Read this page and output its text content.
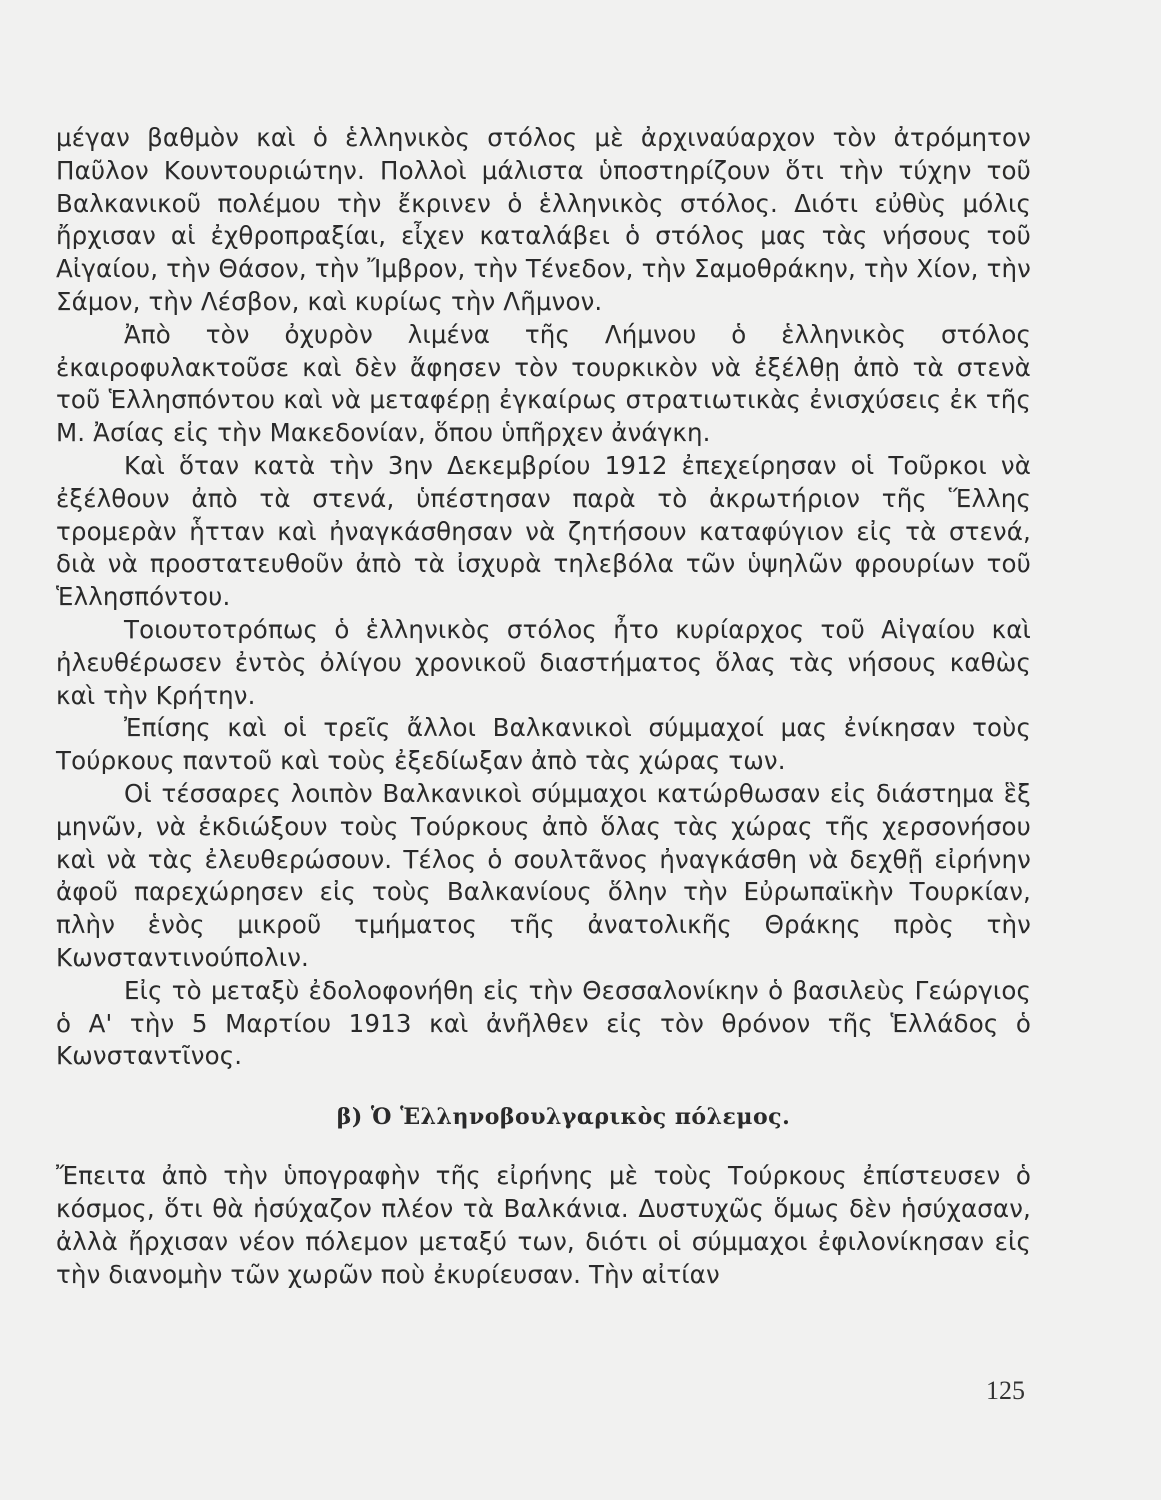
μέγαν βαθμὸν καὶ ὁ ἑλληνικὸς στόλος μὲ ἀρχιναύαρχον τὸν ἀτρόμητον Παῦλον Κουντουριώτην. Πολλοὶ μάλιστα ὑποστηρίζουν ὅτι τὴν τύχην τοῦ Βαλκανικοῦ πολέμου τὴν ἔκρινεν ὁ ἑλληνικὸς στόλος. Διότι εὐθὺς μόλις ἤρχισαν αἱ ἐχθροπραξίαι, εἶχεν καταλάβει ὁ στόλος μας τὰς νήσους τοῦ Αἰγαίου, τὴν Θάσον, τὴν Ἴμβρον, τὴν Τένεδον, τὴν Σαμοθράκην, τὴν Χίον, τὴν Σάμον, τὴν Λέσβον, καὶ κυρίως τὴν Λῆμνον.

Ἀπὸ τὸν ὀχυρὸν λιμένα τῆς Λήμνου ὁ ἑλληνικὸς στόλος ἐκαιροφυλακτοῦσε καὶ δὲν ἄφησεν τὸν τουρκικὸν νὰ ἐξέλθῃ ἀπὸ τὰ στενὰ τοῦ Ἑλλησπόντου καὶ νὰ μεταφέρῃ ἐγκαίρως στρατιωτικὰς ἐνισχύσεις ἐκ τῆς Μ. Ἀσίας εἰς τὴν Μακεδονίαν, ὅπου ὑπῆρχεν ἀνάγκη.

Καὶ ὅταν κατὰ τὴν 3ην Δεκεμβρίου 1912 ἐπεχείρησαν οἱ Τοῦρκοι νὰ ἐξέλθουν ἀπὸ τὰ στενά, ὑπέστησαν παρὰ τὸ ἀκρωτήριον τῆς Ἕλλης τρομερὰν ἧτταν καὶ ἠναγκάσθησαν νὰ ζητήσουν καταφύγιον εἰς τὰ στενά, διὰ νὰ προστατευθοῦν ἀπὸ τὰ ἰσχυρὰ τηλεβόλα τῶν ὑψηλῶν φρουρίων τοῦ Ἑλλησπόντου.

Τοιουτοτρόπως ὁ ἑλληνικὸς στόλος ἦτο κυρίαρχος τοῦ Αἰγαίου καὶ ἠλευθέρωσεν ἐντὸς ὀλίγου χρονικοῦ διαστήματος ὅλας τὰς νήσους καθὼς καὶ τὴν Κρήτην.

Ἐπίσης καὶ οἱ τρεῖς ἄλλοι Βαλκανικοὶ σύμμαχοί μας ἐνίκησαν τοὺς Τούρκους παντοῦ καὶ τοὺς ἐξεδίωξαν ἀπὸ τὰς χώρας των.

Οἱ τέσσαρες λοιπὸν Βαλκανικοὶ σύμμαχοι κατώρθωσαν εἰς διάστημα ἓξ μηνῶν, νὰ ἐκδιώξουν τοὺς Τούρκους ἀπὸ ὅλας τὰς χώρας τῆς χερσονήσου καὶ νὰ τὰς ἐλευθερώσουν. Τέλος ὁ σουλτᾶνος ἠναγκάσθη νὰ δεχθῇ εἰρήνην ἀφοῦ παρεχώρησεν εἰς τοὺς Βαλκανίους ὅλην τὴν Εὐρωπαϊκὴν Τουρκίαν, πλὴν ἑνὸς μικροῦ τμήματος τῆς ἀνατολικῆς Θράκης πρὸς τὴν Κωνσταντινούπολιν.

Εἰς τὸ μεταξὺ ἐδολοφονήθη εἰς τὴν Θεσσαλονίκην ὁ βασιλεὺς Γεώργιος ὁ Α' τὴν 5 Μαρτίου 1913 καὶ ἀνῆλθεν εἰς τὸν θρόνον τῆς Ἑλλάδος ὁ Κωνσταντῖνος.

β) Ὁ Ἑλληνοβουλγαρικὸς πόλεμος.

Ἔπειτα ἀπὸ τὴν ὑπογραφὴν τῆς εἰρήνης μὲ τοὺς Τούρκους ἐπίστευσεν ὁ κόσμος, ὅτι θὰ ἡσύχαζον πλέον τὰ Βαλκάνια. Δυστυχῶς ὅμως δὲν ἡσύχασαν, ἀλλὰ ἤρχισαν νέον πόλεμον μεταξύ των, διότι οἱ σύμμαχοι ἐφιλονίκησαν εἰς τὴν διανομὴν τῶν χωρῶν ποὺ ἐκυρίευσαν. Τὴν αἰτίαν

125
